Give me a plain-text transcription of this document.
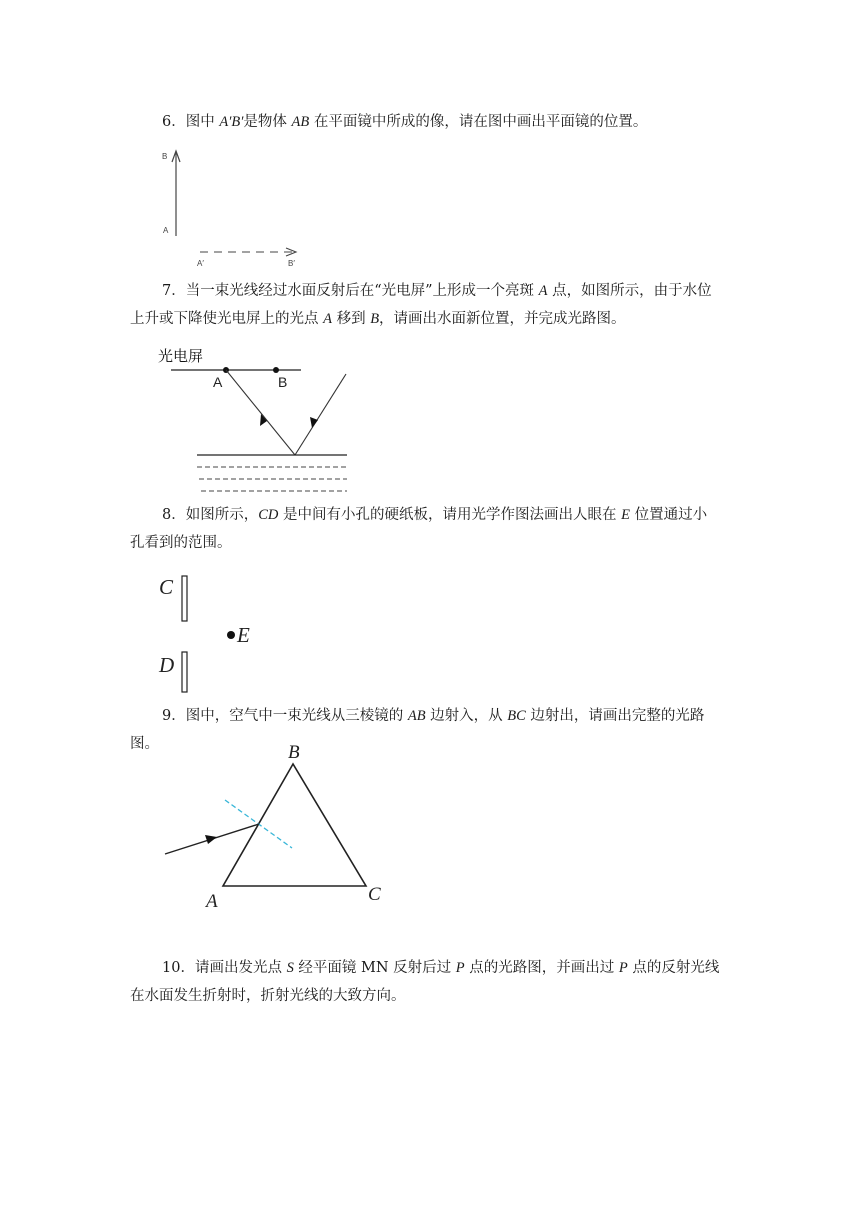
6．图中 A′B′是物体 AB 在平面镜中所成的像，请在图中画出平面镜的位置。
7．当一束光线经过水面反射后在“光电屏”上形成一个亮斑 A 点，如图所示，由于水位
上升或下降使光电屏上的光点 A 移到 B，请画出水面新位置，并完成光路图。
8．如图所示，CD 是中间有小孔的硬纸板，请用光学作图法画出人眼在 E 位置通过小
孔看到的范围。
9．图中，空气中一束光线从三棱镜的 AB 边射入，从 BC 边射出，请画出完整的光路图。
10．请画出发光点 S 经平面镜 MN 反射后过 P 点的光路图，并画出过 P 点的反射光线
在水面发生折射时，折射光线的大致方向。
B
A
A′	B′
光电屏
A	B
C
E
D
B
A	C
